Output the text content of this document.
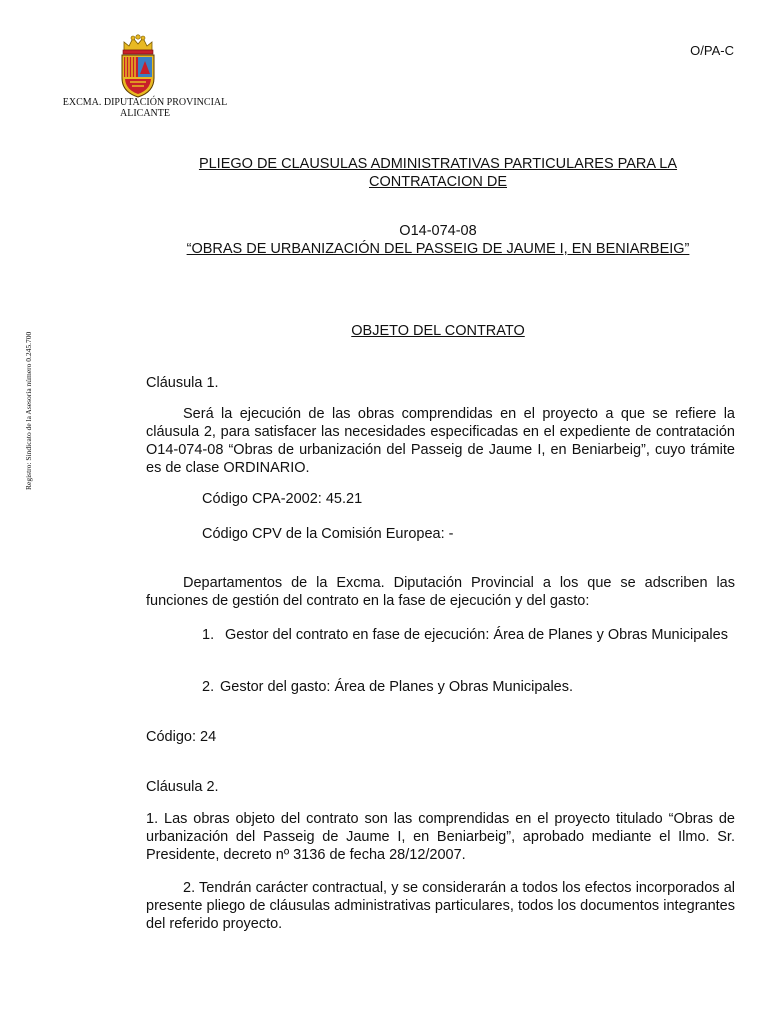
EXCMA. DIPUTACIÓN PROVINCIAL
ALICANTE
O/PA-C
Registro: Sindicato de la Asesoría número 0.245.700
PLIEGO DE CLAUSULAS ADMINISTRATIVAS PARTICULARES PARA LA
CONTRATACION DE
O14-074-08
“OBRAS DE URBANIZACIÓN DEL PASSEIG DE JAUME I, EN BENIARBEIG”
OBJETO DEL CONTRATO
Cláusula 1.
Será la ejecución de las obras comprendidas en el proyecto a que se refiere la cláusula 2, para satisfacer las necesidades especificadas en el expediente de contratación O14-074-08 “Obras de urbanización del Passeig de Jaume I, en Beniarbeig”, cuyo trámite es de clase ORDINARIO.
Código CPA-2002: 45.21
Código CPV de la Comisión Europea: -
Departamentos de la Excma. Diputación Provincial a los que se adscriben las funciones de gestión del contrato en la fase de ejecución y del gasto:
1. Gestor del contrato en fase de ejecución: Área de Planes y Obras Municipales
2. Gestor del gasto: Área de Planes y Obras Municipales.
Código: 24
Cláusula 2.
1. Las obras objeto del contrato son las comprendidas en el proyecto titulado “Obras de urbanización del Passeig de Jaume I, en Beniarbeig”, aprobado mediante el Ilmo. Sr. Presidente, decreto nº 3136 de fecha 28/12/2007.
2. Tendrán carácter contractual, y se considerarán a todos los efectos incorporados al presente pliego de cláusulas administrativas particulares, todos los documentos integrantes del referido proyecto.
